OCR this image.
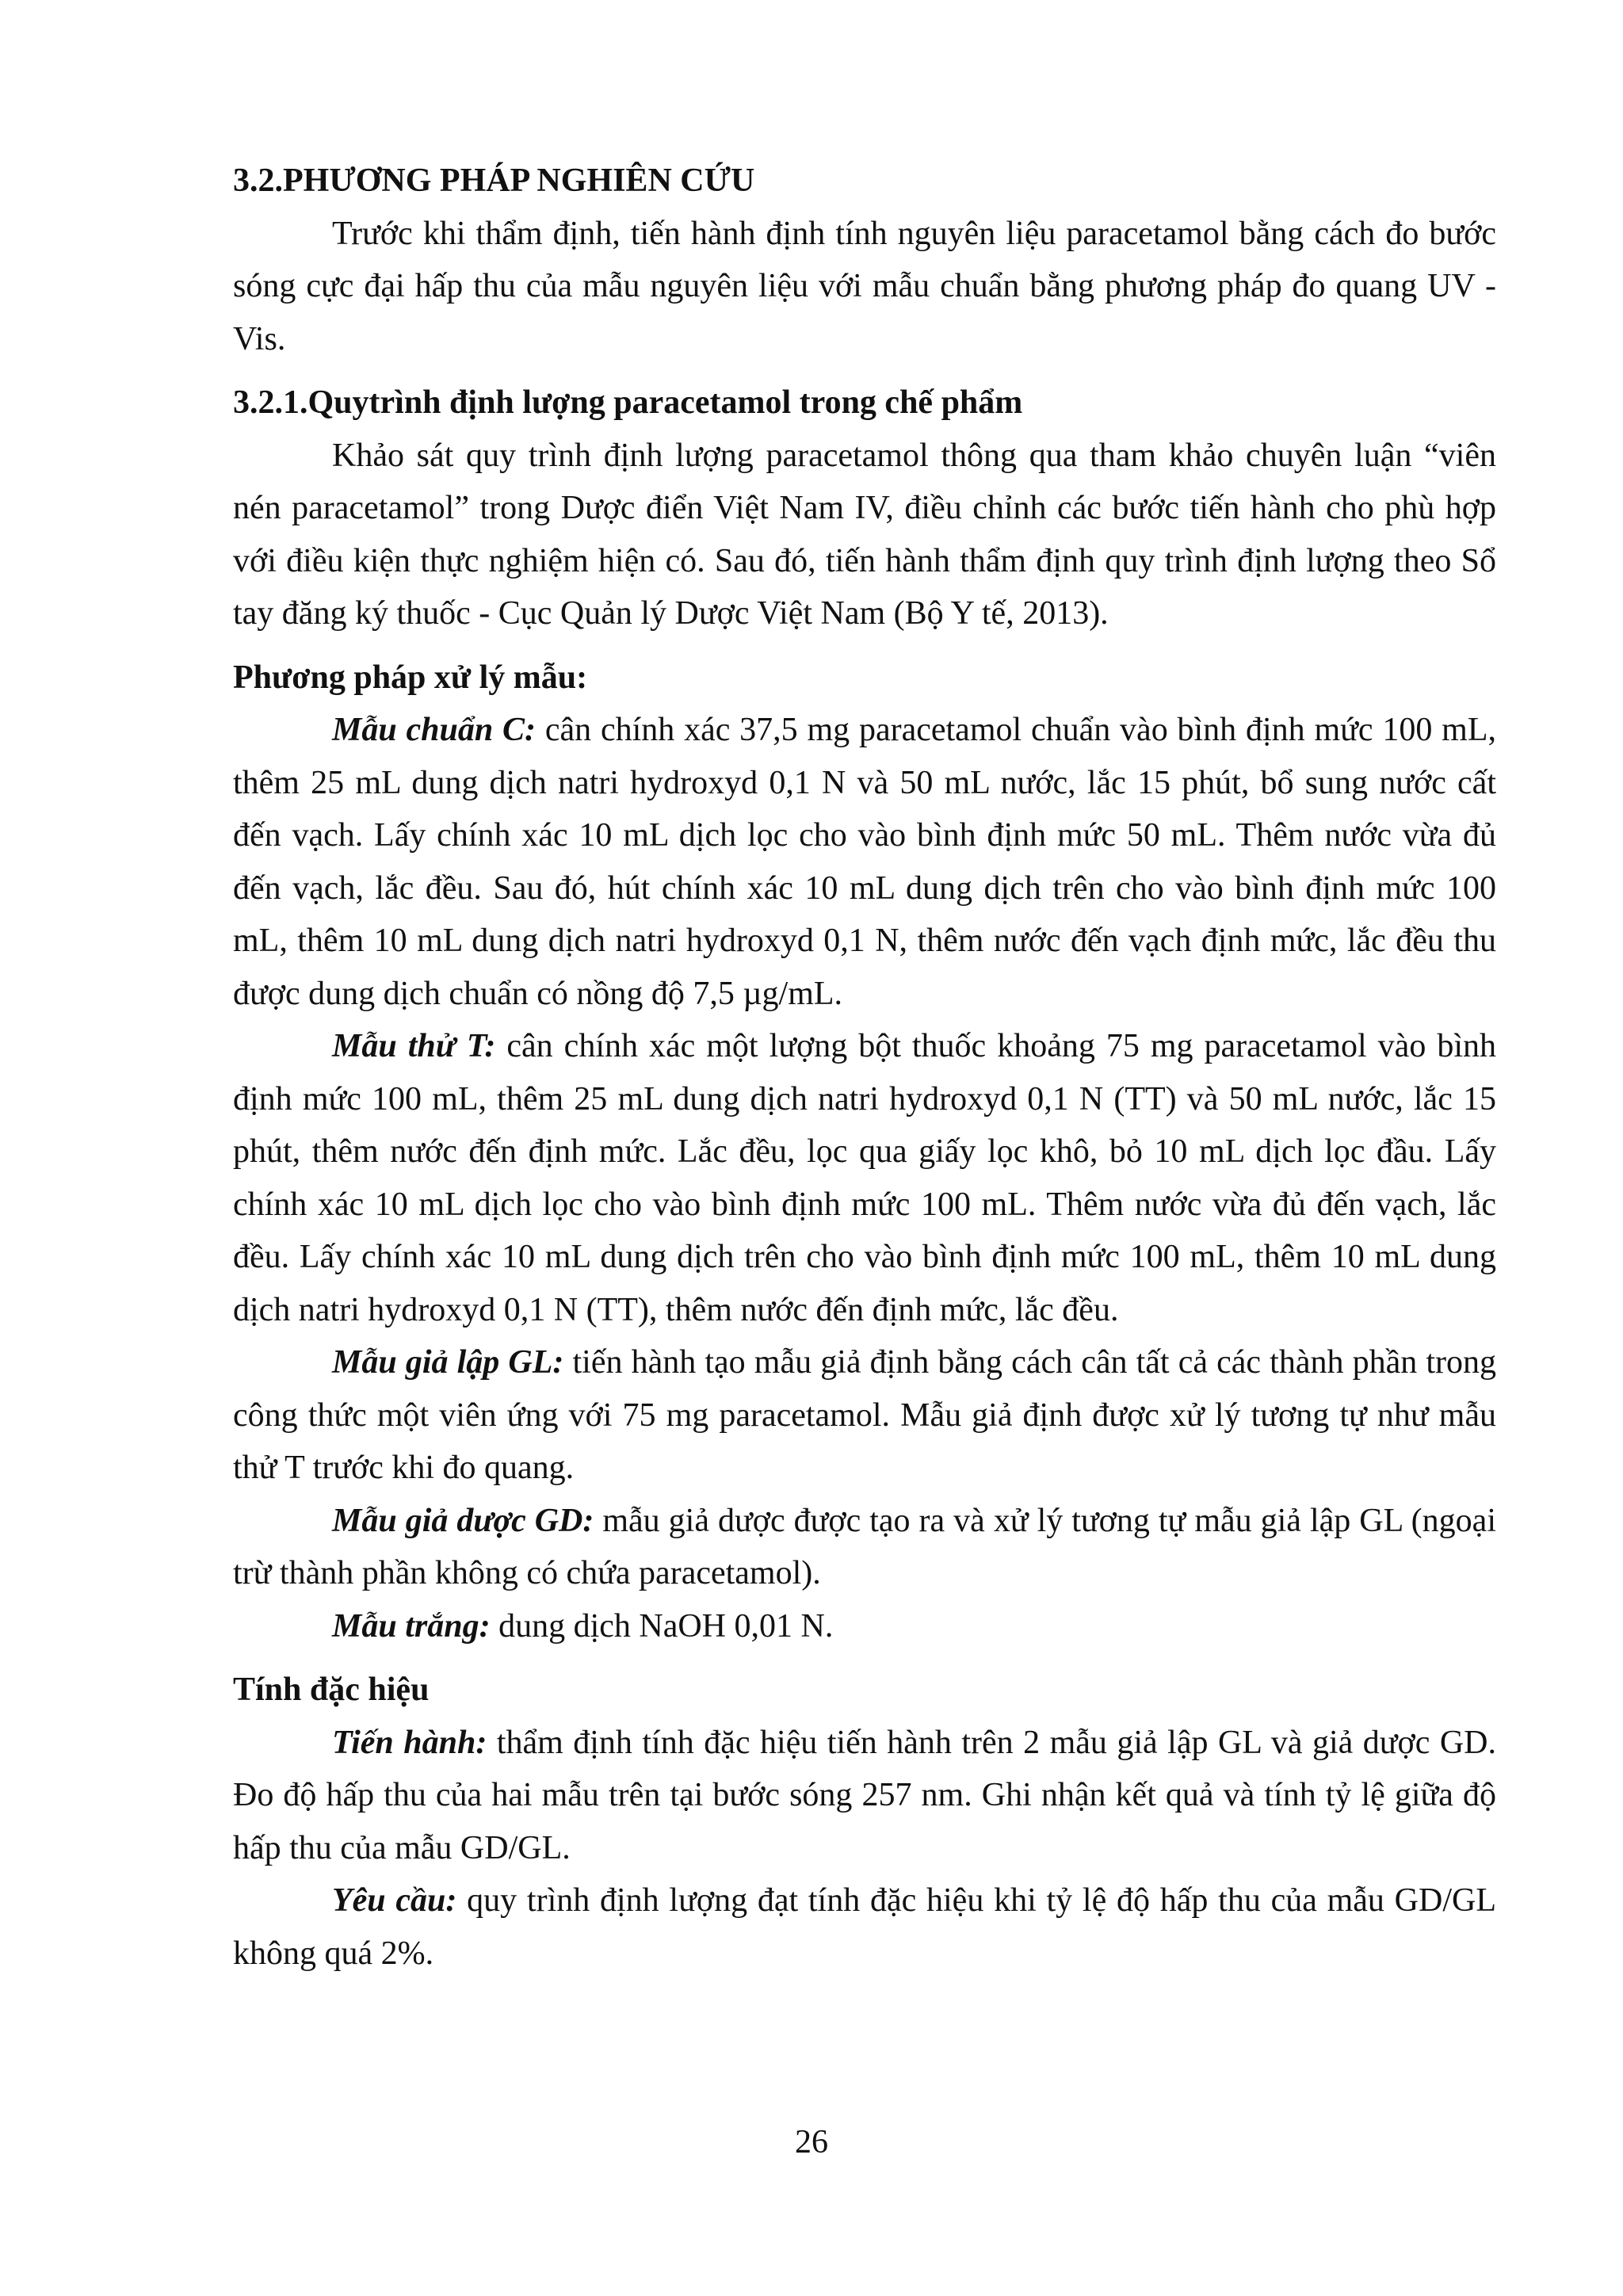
3.2.PHƯƠNG PHÁP NGHIÊN CỨU

Trước khi thẩm định, tiến hành định tính nguyên liệu paracetamol bằng cách đo bước sóng cực đại hấp thu của mẫu nguyên liệu với mẫu chuẩn bằng phương pháp đo quang UV - Vis.

3.2.1.Quytrình định lượng paracetamol trong chế phẩm

Khảo sát quy trình định lượng paracetamol thông qua tham khảo chuyên luận “viên nén paracetamol” trong Dược điển Việt Nam IV, điều chỉnh các bước tiến hành cho phù hợp với điều kiện thực nghiệm hiện có. Sau đó, tiến hành thẩm định quy trình định lượng theo Sổ tay đăng ký thuốc - Cục Quản lý Dược Việt Nam (Bộ Y tế, 2013).

Phương pháp xử lý mẫu:

Mẫu chuẩn C: cân chính xác 37,5 mg paracetamol chuẩn vào bình định mức 100 mL, thêm 25 mL dung dịch natri hydroxyd 0,1 N và 50 mL nước, lắc 15 phút, bổ sung nước cất đến vạch. Lấy chính xác 10 mL dịch lọc cho vào bình định mức 50 mL. Thêm nước vừa đủ đến vạch, lắc đều. Sau đó, hút chính xác 10 mL dung dịch trên cho vào bình định mức 100 mL, thêm 10 mL dung dịch natri hydroxyd 0,1 N, thêm nước đến vạch định mức, lắc đều thu được dung dịch chuẩn có nồng độ 7,5 µg/mL.

Mẫu thử T: cân chính xác một lượng bột thuốc khoảng 75 mg paracetamol vào bình định mức 100 mL, thêm 25 mL dung dịch natri hydroxyd 0,1 N (TT) và 50 mL nước, lắc 15 phút, thêm nước đến định mức. Lắc đều, lọc qua giấy lọc khô, bỏ 10 mL dịch lọc đầu. Lấy chính xác 10 mL dịch lọc cho vào bình định mức 100 mL. Thêm nước vừa đủ đến vạch, lắc đều. Lấy chính xác 10 mL dung dịch trên cho vào bình định mức 100 mL, thêm 10 mL dung dịch natri hydroxyd 0,1 N (TT), thêm nước đến định mức, lắc đều.

Mẫu giả lập GL: tiến hành tạo mẫu giả định bằng cách cân tất cả các thành phần trong công thức một viên ứng với 75 mg paracetamol. Mẫu giả định được xử lý tương tự như mẫu thử T trước khi đo quang.

Mẫu giả dược GD: mẫu giả dược được tạo ra và xử lý tương tự mẫu giả lập GL (ngoại trừ thành phần không có chứa paracetamol).

Mẫu trắng: dung dịch NaOH 0,01 N.

Tính đặc hiệu

Tiến hành: thẩm định tính đặc hiệu tiến hành trên 2 mẫu giả lập GL và giả dược GD. Đo độ hấp thu của hai mẫu trên tại bước sóng 257 nm. Ghi nhận kết quả và tính tỷ lệ giữa độ hấp thu của mẫu GD/GL.

Yêu cầu: quy trình định lượng đạt tính đặc hiệu khi tỷ lệ độ hấp thu của mẫu GD/GL không quá 2%.

26
